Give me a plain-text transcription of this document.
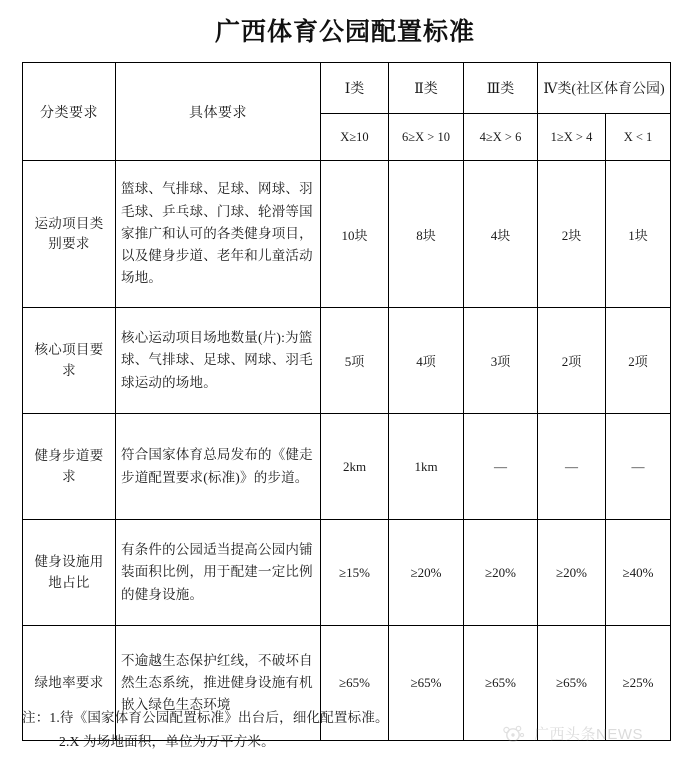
广西体育公园配置标准
分类要求	具体要求	Ⅰ类	Ⅱ类	Ⅲ类	Ⅳ类(社区体育公园)	
		X≥10	6≥X > 10	4≥X > 6	1≥X > 4	X < 1
运动项目类别要求	篮球、气排球、足球、网球、羽毛球、乒乓球、门球、轮滑等国家推广和认可的各类健身项目，以及健身步道、老年和儿童活动场地。	10块	8块	4块	2块	1块
核心项目要求	核心运动项目场地数量(片):为篮球、气排球、足球、网球、羽毛球运动的场地。	5项	4项	3项	2项	2项
健身步道要求	符合国家体育总局发布的《健走步道配置要求(标准)》的步道。	2km	1km	—	—	—
健身设施用地占比	有条件的公园适当提高公园内铺装面积比例，用于配建一定比例的健身设施。	≥15%	≥20%	≥20%	≥20%	≥40%
绿地率要求	不逾越生态保护红线，不破坏自然生态系统，推进健身设施有机嵌入绿色生态环境	≥65%	≥65%	≥65%	≥65%	≥25%
注：1.待《国家体育公园配置标准》出台后，细化配置标准。
2.X 为场地面积，单位为万平方米。	广西头条NEWS
